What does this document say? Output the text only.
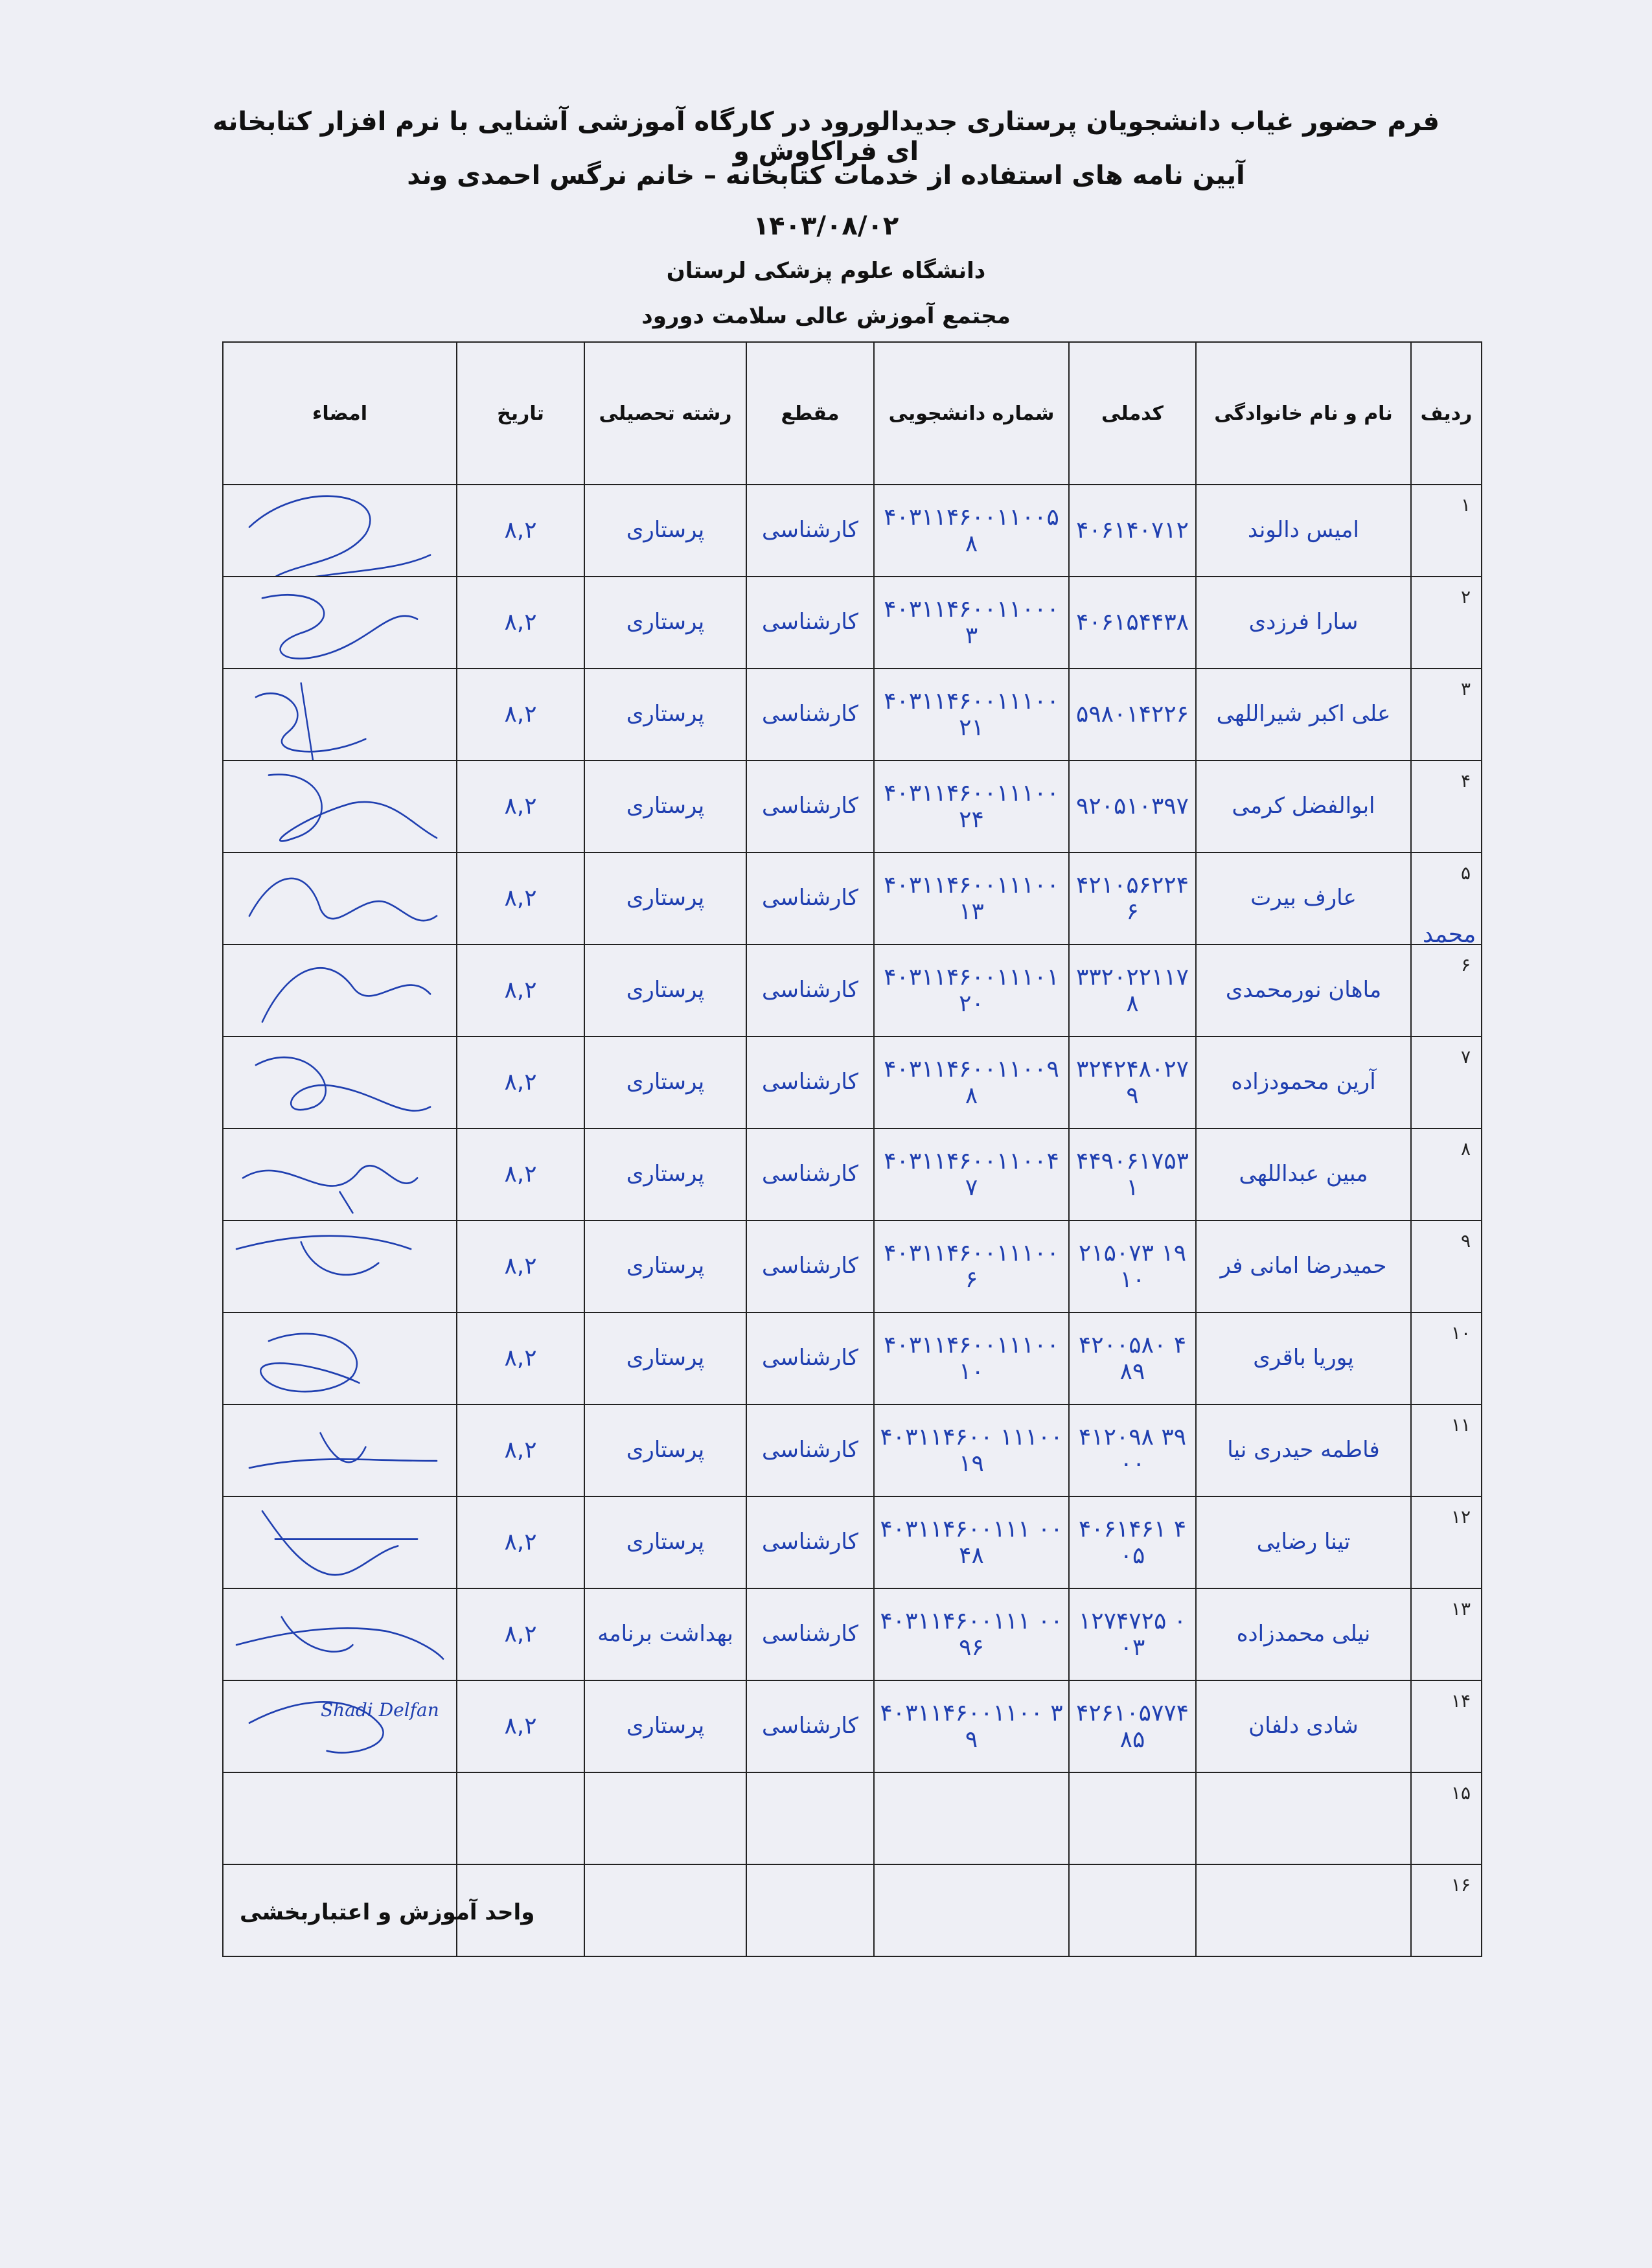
فرم حضور غیاب دانشجویان پرستاری جدیدالورود در کارگاه آموزشی آشنایی با نرم افزار کتابخانه ای فراکاوش و
آیین نامه های استفاده از خدمات کتابخانه – خانم نرگس احمدی وند
۱۴۰۳/۰۸/۰۲
دانشگاه علوم پزشکی لرستان
مجتمع آموزش عالی سلامت دورود
ردیف	نام و نام خانوادگی	کدملی	شماره دانشجویی	مقطع	رشته تحصیلی	تاریخ	امضاء
۱	امیس دالوند	۴۰۶۱۴۰۷۱۲	۴۰۳۱۱۴۶۰۰۱۱۰۰۵۸	کارشناسی	پرستاری	۸,۲

۲	سارا فرزدی	۴۰۶۱۵۴۴۳۸	۴۰۳۱۱۴۶۰۰۱۱۰۰۰۳	کارشناسی	پرستاری	۸,۲

۳	علی اکبر شیراللهی	۵۹۸۰۱۴۲۲۶	۴۰۳۱۱۴۶۰۰۱۱۱۰۰۲۱	کارشناسی	پرستاری	۸,۲

۴	ابوالفضل کرمی	۹۲۰۵۱۰۳۹۷	۴۰۳۱۱۴۶۰۰۱۱۱۰۰۲۴	کارشناسی	پرستاری	۸,۲

۵	عارف بیرت	۴۲۱۰۵۶۲۲۴۶	۴۰۳۱۱۴۶۰۰۱۱۱۰۰۱۳	کارشناسی	پرستاری	۸,۲

۶	ماهان نورمحمدی	۳۳۲۰۲۲۱۱۷۸	۴۰۳۱۱۴۶۰۰۱۱۱۰۱۲۰	کارشناسی	پرستاری	۸,۲

۷	آرین محمودزاده	۳۲۴۲۴۸۰۲۷۹	۴۰۳۱۱۴۶۰۰۱۱۰۰۹۸	کارشناسی	پرستاری	۸,۲

۸	مبین عبداللهی	۴۴۹۰۶۱۷۵۳۱	۴۰۳۱۱۴۶۰۰۱۱۰۰۴۷	کارشناسی	پرستاری	۸,۲

۹	حمیدرضا امانی فر	۲۱۵۰۷۳ ۱۹۱۰	۴۰۳۱۱۴۶۰۰۱۱۱۰۰۶	کارشناسی	پرستاری	۸,۲

۱۰	پوریا باقری	۴۲۰۰۵۸۰ ۴۸۹	۴۰۳۱۱۴۶۰۰۱۱۱۰۰۱۰	کارشناسی	پرستاری	۸,۲

۱۱	فاطمه حیدری نیا	۴۱۲۰۹۸ ۳۹۰۰	۴۰۳۱۱۴۶۰۰ ۱۱۱۰۰۱۹	کارشناسی	پرستاری	۸,۲

۱۲	تینا رضایی	۴۰۶۱۴۶۱ ۴۰۵	۴۰۳۱۱۴۶۰۰۱۱۱ ۰۰۴۸	کارشناسی	پرستاری	۸,۲

۱۳	نیلی محمدزاده	۱۲۷۴۷۲۵ ۰۰۳	۴۰۳۱۱۴۶۰۰۱۱۱ ۰۰۹۶	کارشناسی	بهداشت برنامه	۸,۲

۱۴	شادی دلفان	۴۲۶۱۰۵۷۷۴۸۵	۴۰۳۱۱۴۶۰۰۱۱۰۰ ۳۹	کارشناسی	پرستاری	۸,۲	Shadi Delfan

۱۵	

۱۶	

محمد
واحد آموزش و اعتباربخشی
